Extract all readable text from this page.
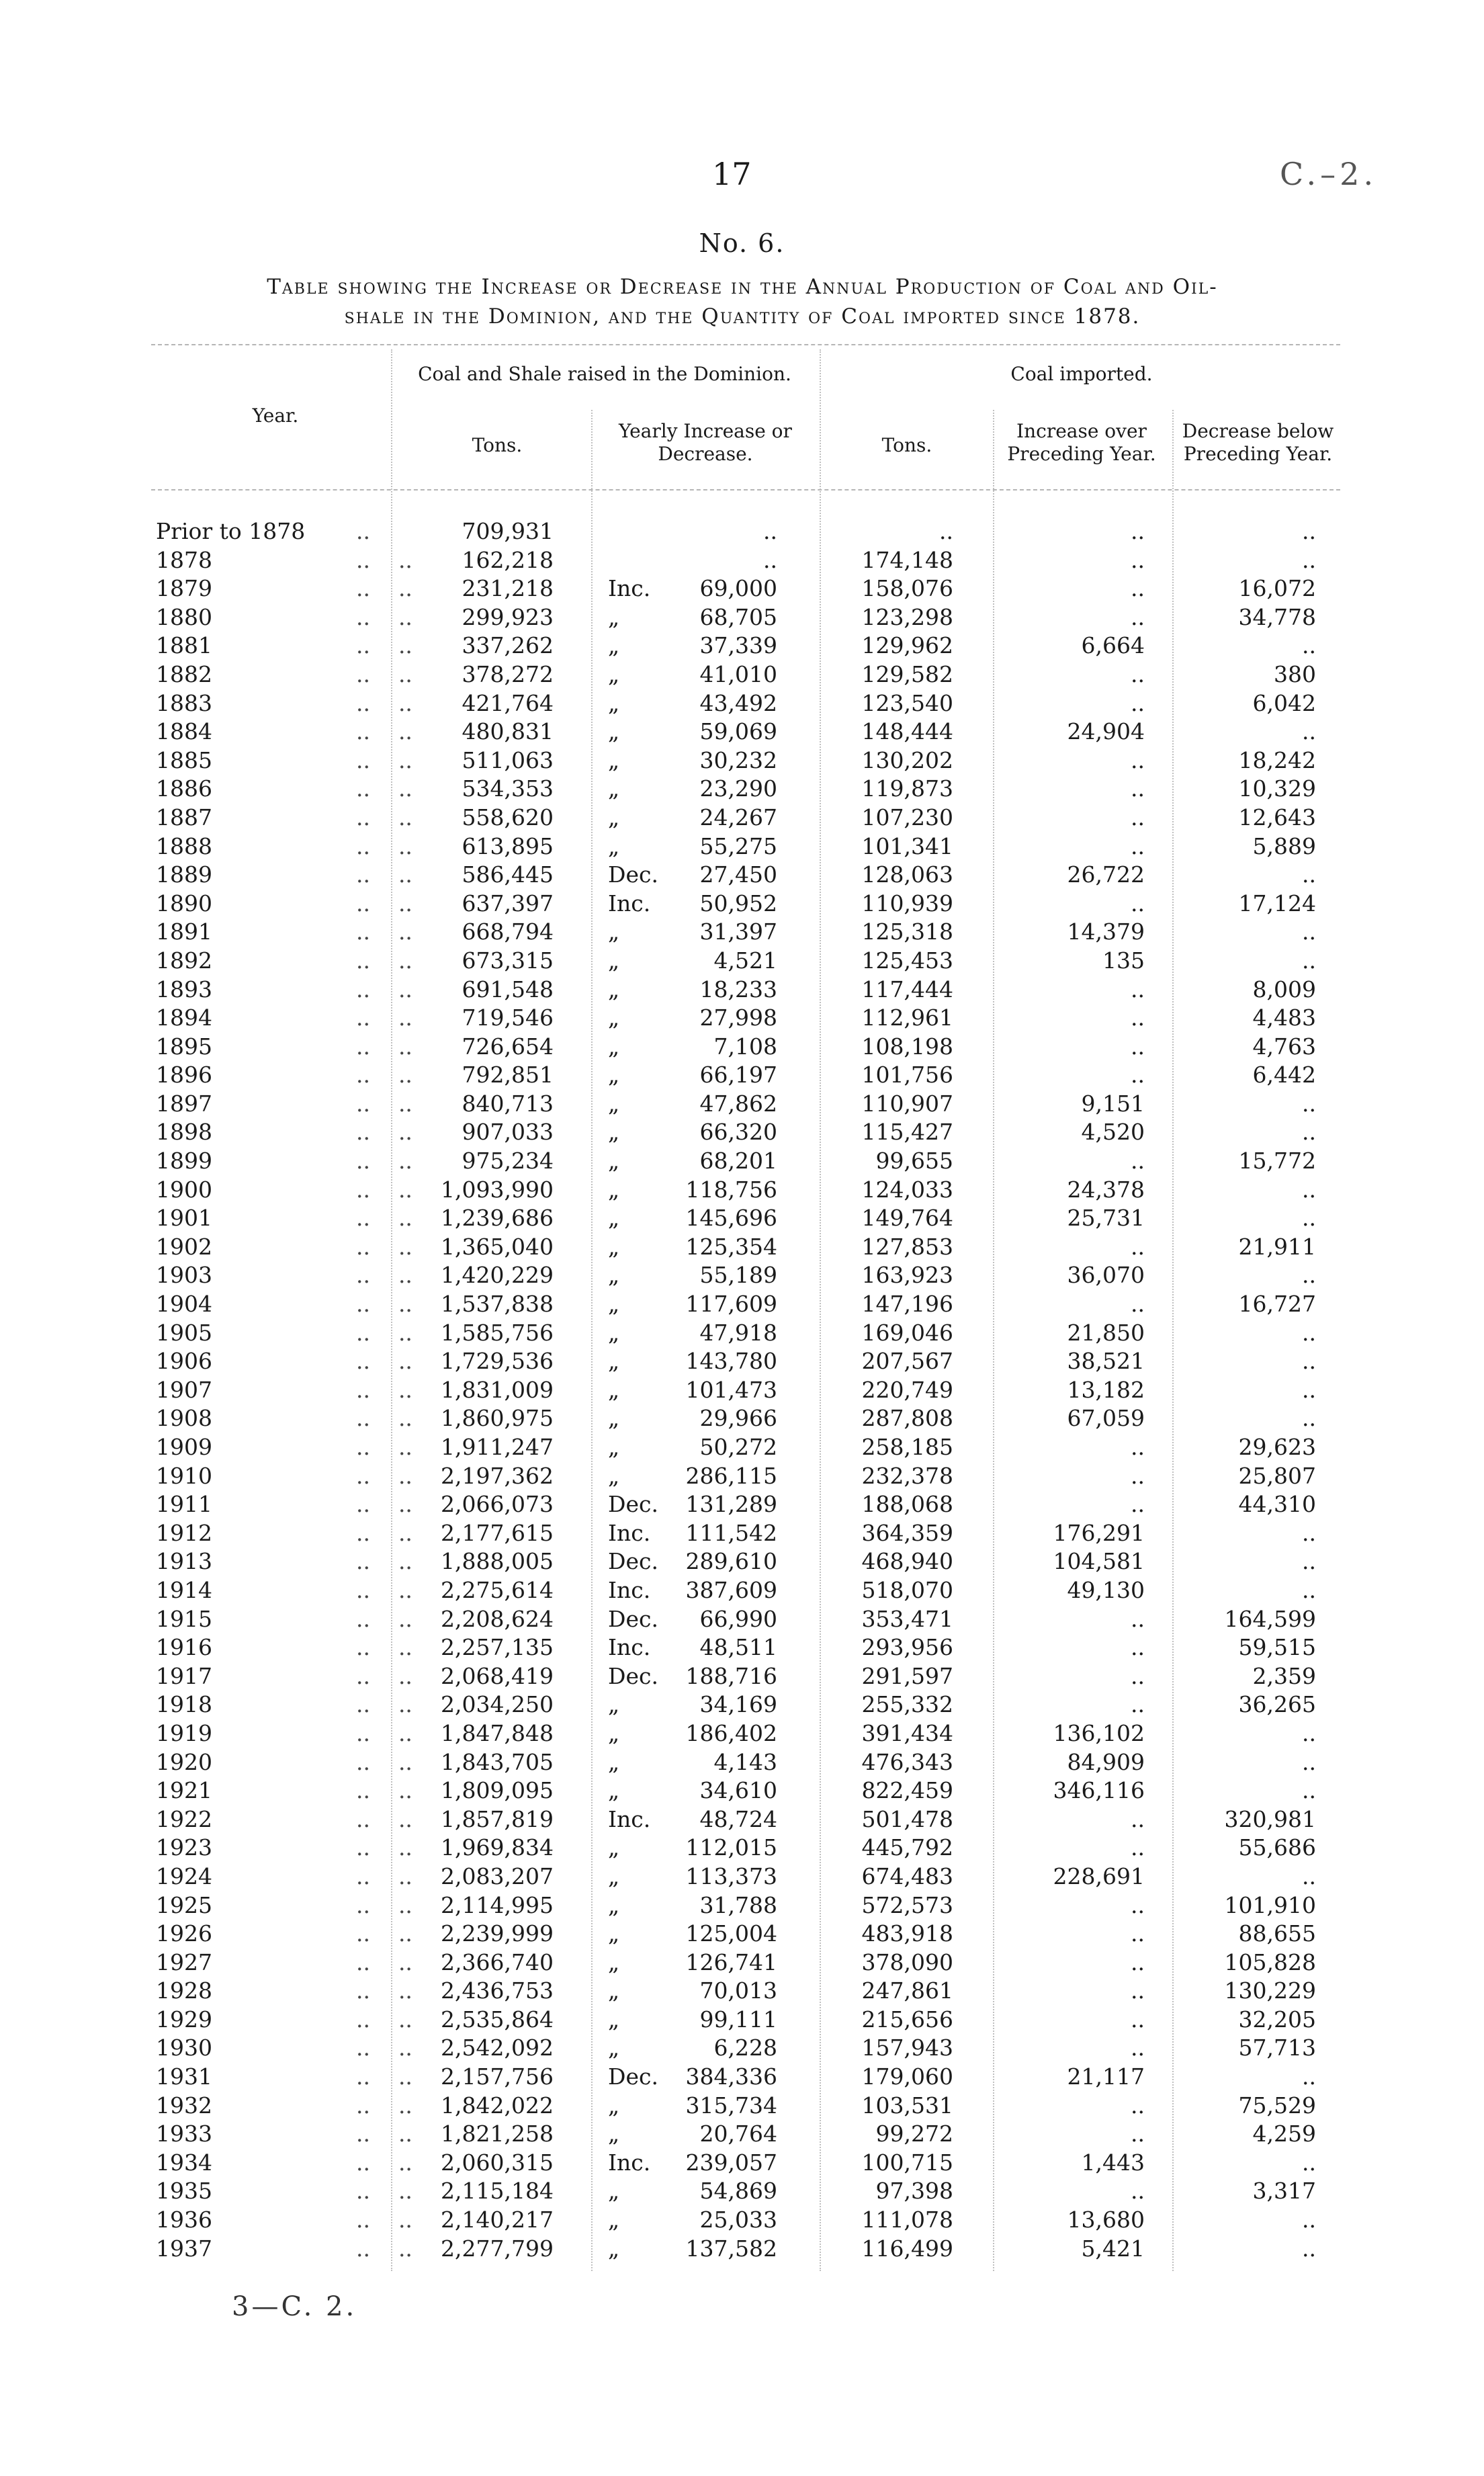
17	C.–2.
No. 6.
Table showing the Increase or Decrease in the Annual Production of Coal and Oil-
shale in the Dominion, and the Quantity of Coal imported since 1878.
Year.
Coal and Shale raised in the Dominion.
Tons.
Yearly Increase or Decrease.
Coal imported.
Tons.
Increase over Preceding Year.
Decrease below Preceding Year.
Prior to 1878 ..	709,931	..	..	..	..
1878	..    .. 162,218	..	174,148	..	..
1879	..    .. 231,218 Inc. 69,000	158,076	..	16,072
1880	..    .. 299,923 „	68,705	123,298	..	34,778
1881	..    .. 337,262 „	37,339	129,962	6,664	..
1882	..    .. 378,272 „	41,010	129,582	..	380
1883	..    .. 421,764 „	43,492	123,540	..	6,042
1884	..    .. 480,831 „	59,069	148,444	24,904	..
1885	..    .. 511,063 „	30,232	130,202	..	18,242
1886	..    .. 534,353 „	23,290	119,873	..	10,329
1887	..    .. 558,620 „	24,267	107,230	..	12,643
1888	..    .. 613,895 „	55,275	101,341	..	5,889
1889	..    .. 586,445 Dec. 27,450	128,063	26,722	..
1890	..    .. 637,397 Inc. 50,952	110,939	..	17,124
1891	..    .. 668,794 „	31,397	125,318	14,379	..
1892	..    .. 673,315 „	4,521	125,453	135	..
1893	..    .. 691,548 „	18,233	117,444	..	8,009
1894	..    .. 719,546 „	27,998	112,961	..	4,483
1895	..    .. 726,654 „	7,108	108,198	..	4,763
1896	..    .. 792,851 „	66,197	101,756	..	6,442
1897	..    .. 840,713 „	47,862	110,907	9,151	..
1898	..    .. 907,033 „	66,320	115,427	4,520	..
1899	..    .. 975,234 „	68,201	99,655	..	15,772
1900	..    .. 1,093,990 „	118,756	124,033	24,378	..
1901	..    .. 1,239,686 „	145,696	149,764	25,731	..
1902	..    .. 1,365,040 „	125,354	127,853	..	21,911
1903	..    .. 1,420,229 „	55,189	163,923	36,070	..
1904	..    .. 1,537,838 „	117,609	147,196	..	16,727
1905	..    .. 1,585,756 „	47,918	169,046	21,850	..
1906	..    .. 1,729,536 „	143,780	207,567	38,521	..
1907	..    .. 1,831,009 „	101,473	220,749	13,182	..
1908	..    .. 1,860,975 „	29,966	287,808	67,059	..
1909	..    .. 1,911,247 „	50,272	258,185	..	29,623
1910	..    .. 2,197,362 „	286,115	232,378	..	25,807
1911	..    .. 2,066,073 Dec. 131,289	188,068	..	44,310
1912	..    .. 2,177,615 Inc. 111,542	364,359	176,291	..
1913	..    .. 1,888,005 Dec. 289,610	468,940	104,581	..
1914	..    .. 2,275,614 Inc. 387,609	518,070	49,130	..
1915	..    .. 2,208,624 Dec. 66,990	353,471	..	164,599
1916	..    .. 2,257,135 Inc. 48,511	293,956	..	59,515
1917	..    .. 2,068,419 Dec. 188,716	291,597	..	2,359
1918	..    .. 2,034,250 „	34,169	255,332	..	36,265
1919	..    .. 1,847,848 „	186,402	391,434	136,102	..
1920	..    .. 1,843,705 „	4,143	476,343	84,909	..
1921	..    .. 1,809,095 „	34,610	822,459	346,116	..
1922	..    .. 1,857,819 Inc. 48,724	501,478	..	320,981
1923	..    .. 1,969,834 „	112,015	445,792	..	55,686
1924	..    .. 2,083,207 „	113,373	674,483	228,691	..
1925	..    .. 2,114,995 „	31,788	572,573	..	101,910
1926	..    .. 2,239,999 „	125,004	483,918	..	88,655
1927	..    .. 2,366,740 „	126,741	378,090	..	105,828
1928	..    .. 2,436,753 „	70,013	247,861	..	130,229
1929	..    .. 2,535,864 „	99,111	215,656	..	32,205
1930	..    .. 2,542,092 „	6,228	157,943	..	57,713
1931	..    .. 2,157,756 Dec. 384,336	179,060	21,117	..
1932	..    .. 1,842,022 „	315,734	103,531	..	75,529
1933	..    .. 1,821,258 „	20,764	99,272	..	4,259
1934	..    .. 2,060,315 Inc. 239,057	100,715	1,443	..
1935	..    .. 2,115,184 „	54,869	97,398	..	3,317
1936	..    .. 2,140,217 „	25,033	111,078	13,680	..
1937	..    .. 2,277,799 „	137,582	116,499	5,421	..
3—C. 2.
